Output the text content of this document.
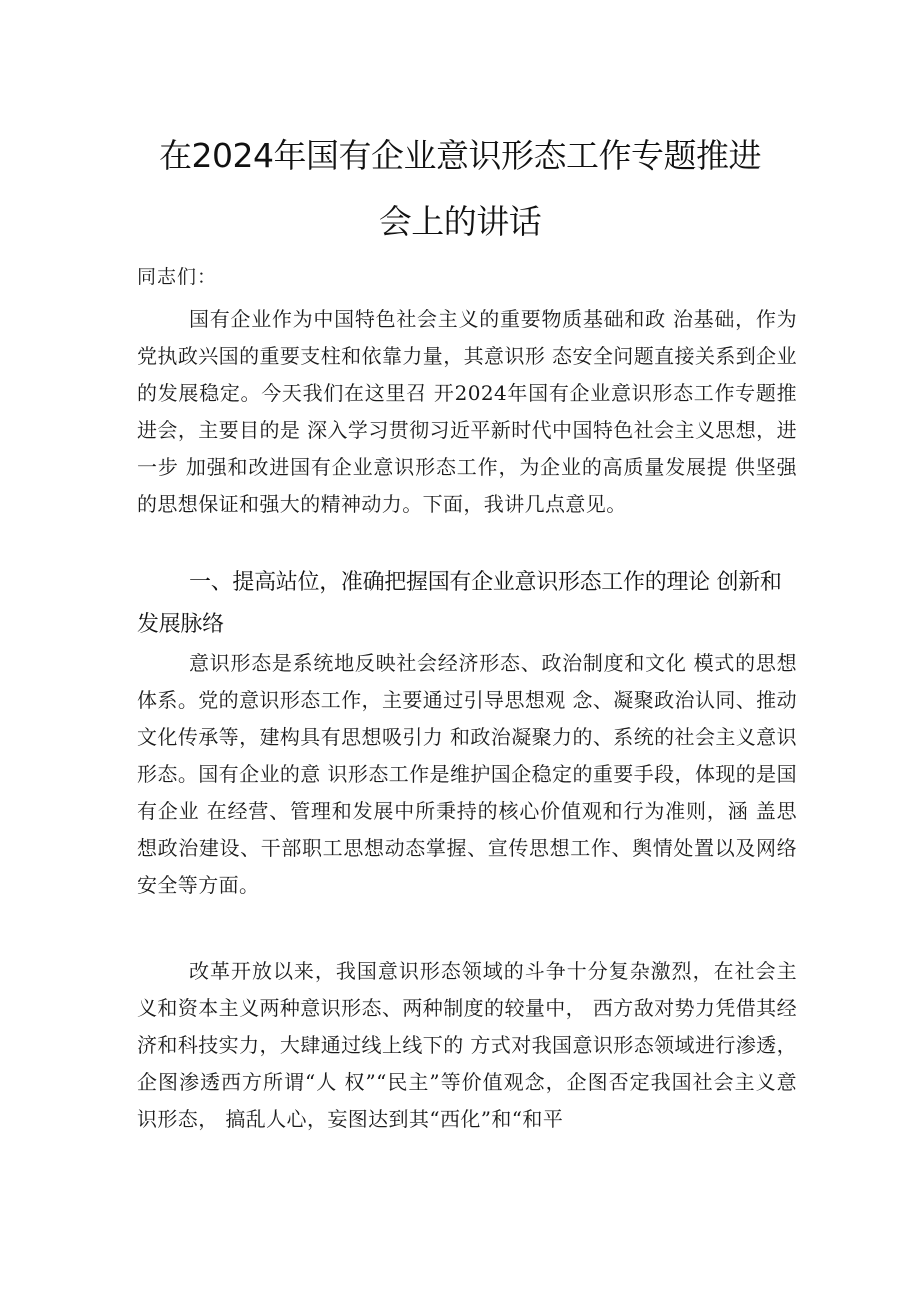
在2024年国有企业意识形态工作专题推进
会上的讲话
同志们：

国有企业作为中国特色社会主义的重要物质基础和政 治基础，作为党执政兴国的重要支柱和依靠力量，其意识形 态安全问题直接关系到企业的发展稳定。今天我们在这里召 开2024年国有企业意识形态工作专题推进会，主要目的是 深入学习贯彻习近平新时代中国特色社会主义思想，进一步 加强和改进国有企业意识形态工作，为企业的高质量发展提 供坚强的思想保证和强大的精神动力。下面，我讲几点意见。

一、提高站位，准确把握国有企业意识形态工作的理论 创新和发展脉络

意识形态是系统地反映社会经济形态、政治制度和文化 模式的思想体系。党的意识形态工作，主要通过引导思想观 念、凝聚政治认同、推动文化传承等，建构具有思想吸引力 和政治凝聚力的、系统的社会主义意识形态。国有企业的意 识形态工作是维护国企稳定的重要手段，体现的是国有企业 在经营、管理和发展中所秉持的核心价值观和行为准则，涵 盖思想政治建设、干部职工思想动态掌握、宣传思想工作、舆情处置以及网络安全等方面。

改革开放以来，我国意识形态领域的斗争十分复杂激烈，在社会主义和资本主义两种意识形态、两种制度的较量中， 西方敌对势力凭借其经济和科技实力，大肆通过线上线下的 方式对我国意识形态领域进行渗透，企图渗透西方所谓“人 权”“民主”等价值观念，企图否定我国社会主义意识形态， 搞乱人心，妄图达到其“西化”和“和平
